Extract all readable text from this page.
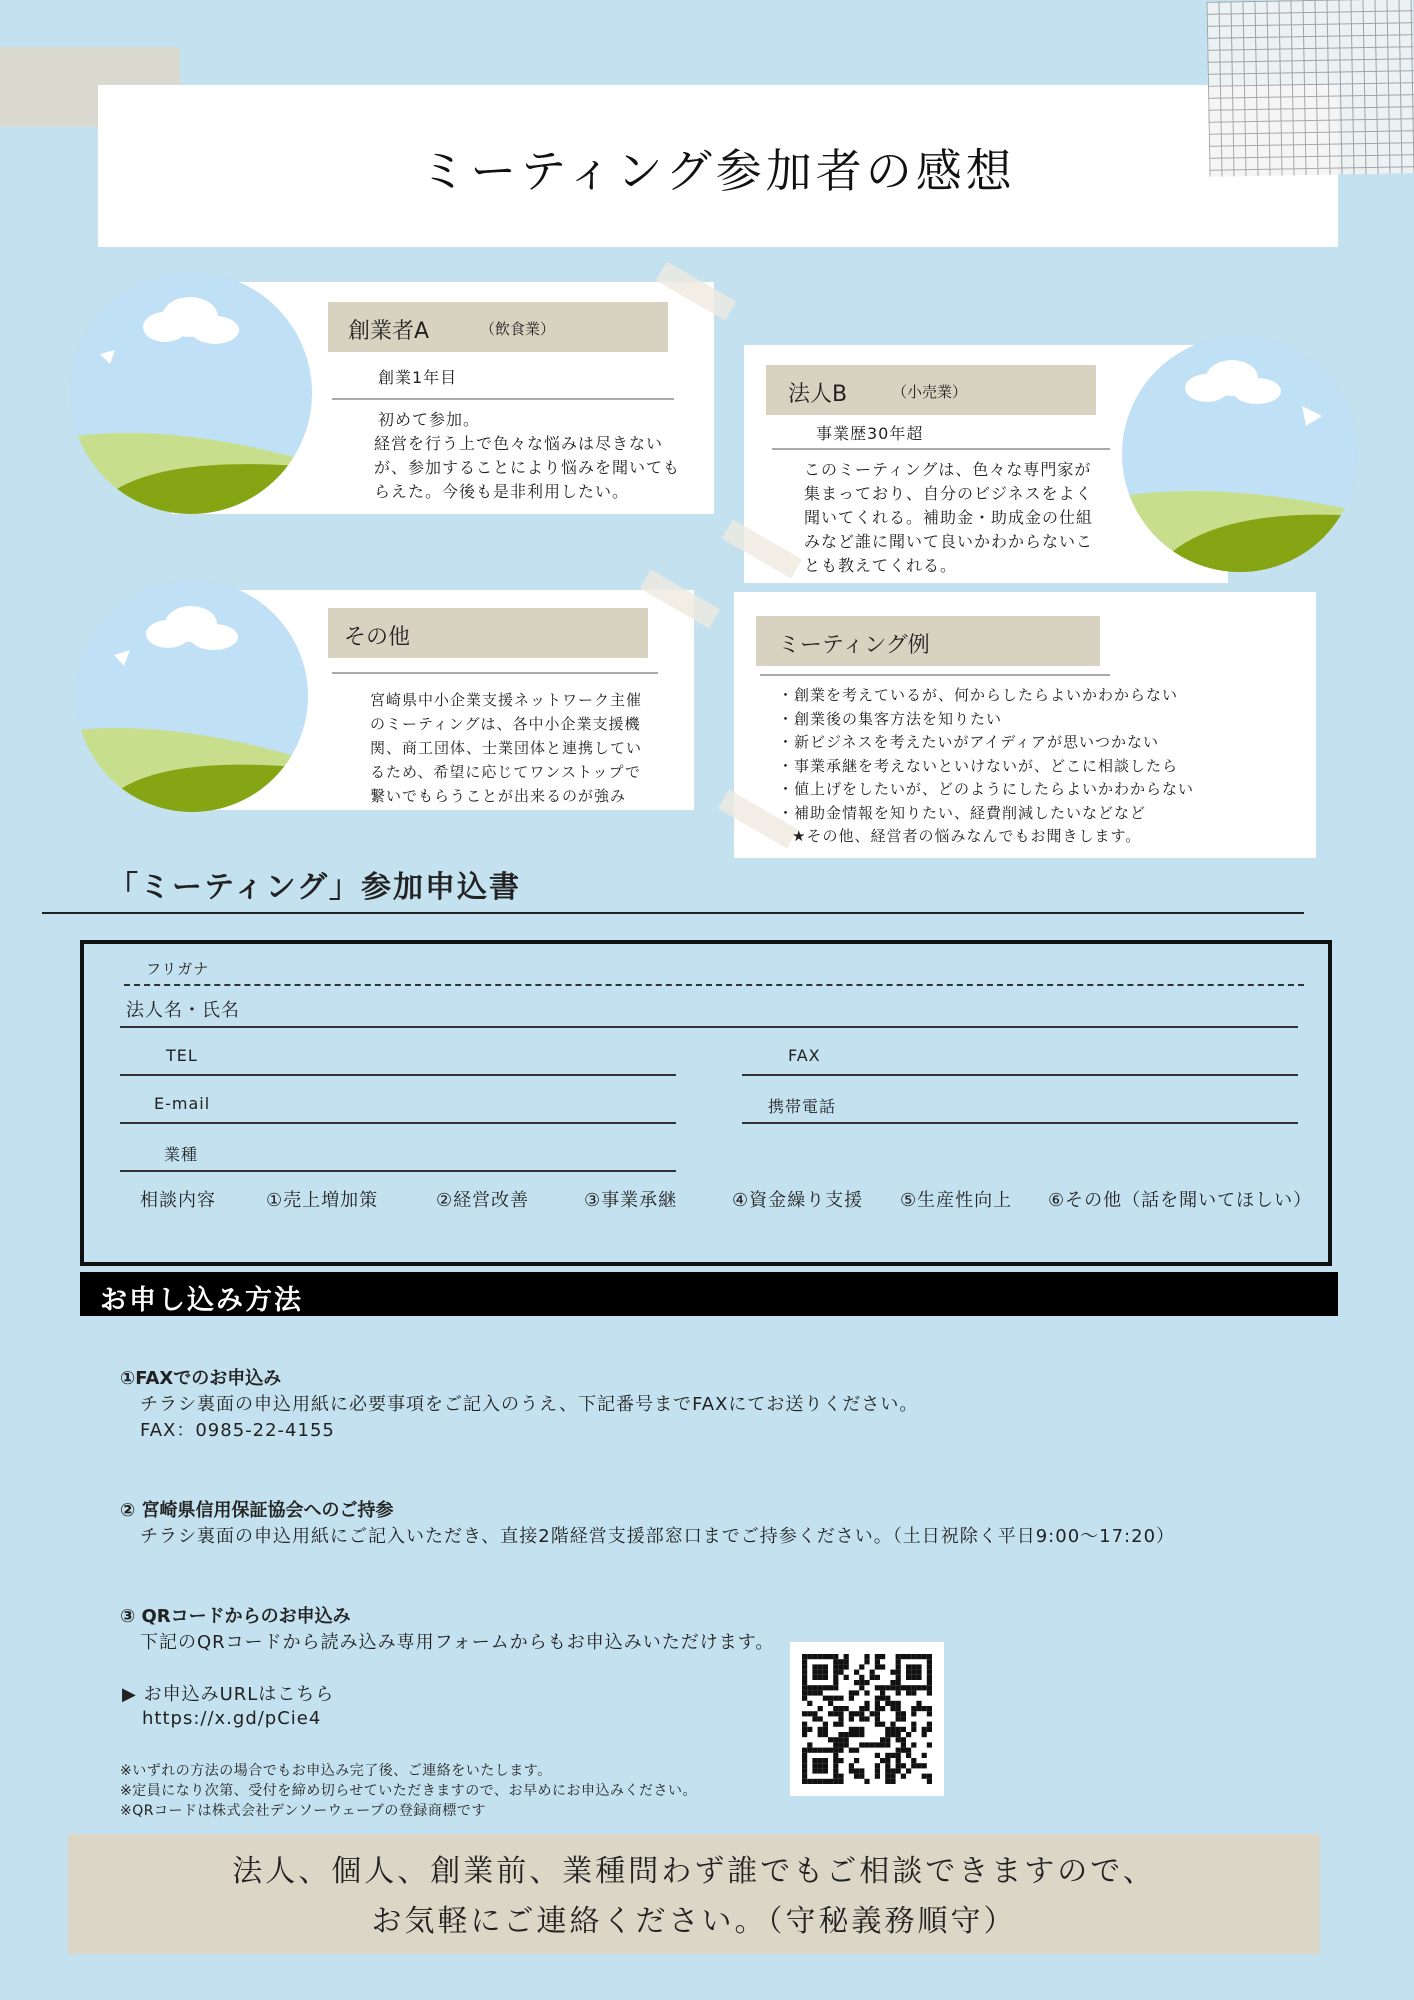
ミーティング参加者の感想
創業者A	（飲食業）
創業1年目

初めて参加。

経営を行う上で色々な悩みは尽きない

が、参加することにより悩みを聞いても

らえた。今後も是非利用したい。

法人B	（小売業）
事業歴30年超

このミーティングは、色々な専門家が

集まっており、自分のビジネスをよく

聞いてくれる。補助金・助成金の仕組

みなど誰に聞いて良いかわからないこ

とも教えてくれる。

その他

宮崎県中小企業支援ネットワーク主催

のミーティングは、各中小企業支援機

関、商工団体、士業団体と連携してい

るため、希望に応じてワンストップで

繋いでもらうことが出来るのが強み

ミーティング例

・創業を考えているが、何からしたらよいかわからない

・創業後の集客方法を知りたい

・新ビジネスを考えたいがアイディアが思いつかない

・事業承継を考えないといけないが、どこに相談したら

・値上げをしたいが、どのようにしたらよいかわからない

・補助金情報を知りたい、経費削減したいなどなど

★その他、経営者の悩みなんでもお聞きします。

「ミーティング」参加申込書
フリガナ
法人名・氏名
TEL	FAX
E-mail	携帯電話
業種
相談内容	①売上増加策	②経営改善	③事業承継	④資金繰り支援 ⑤生産性向上 ⑥その他（話を聞いてほしい）
お申し込み方法
①FAXでのお申込み
チラシ裏面の申込用紙に必要事項をご記入のうえ、下記番号までFAXにてお送りください。
FAX：0985-22-4155
② 宮崎県信用保証協会へのご持参
チラシ裏面の申込用紙にご記入いただき、直接2階経営支援部窓口までご持参ください。（土日祝除く平日9:00～17:20）
③ QRコードからのお申込み
下記のQRコードから読み込み専用フォームからもお申込みいただけます。
▶ お申込みURLはこちら
https://x.gd/pCie4
※いずれの方法の場合でもお申込み完了後、ご連絡をいたします。
※定員になり次第、受付を締め切らせていただきますので、お早めにお申込みください。
※QRコードは株式会社デンソーウェーブの登録商標です

法人、個人、創業前、業種問わず誰でもご相談できますので、

お気軽にご連絡ください。（守秘義務順守）
